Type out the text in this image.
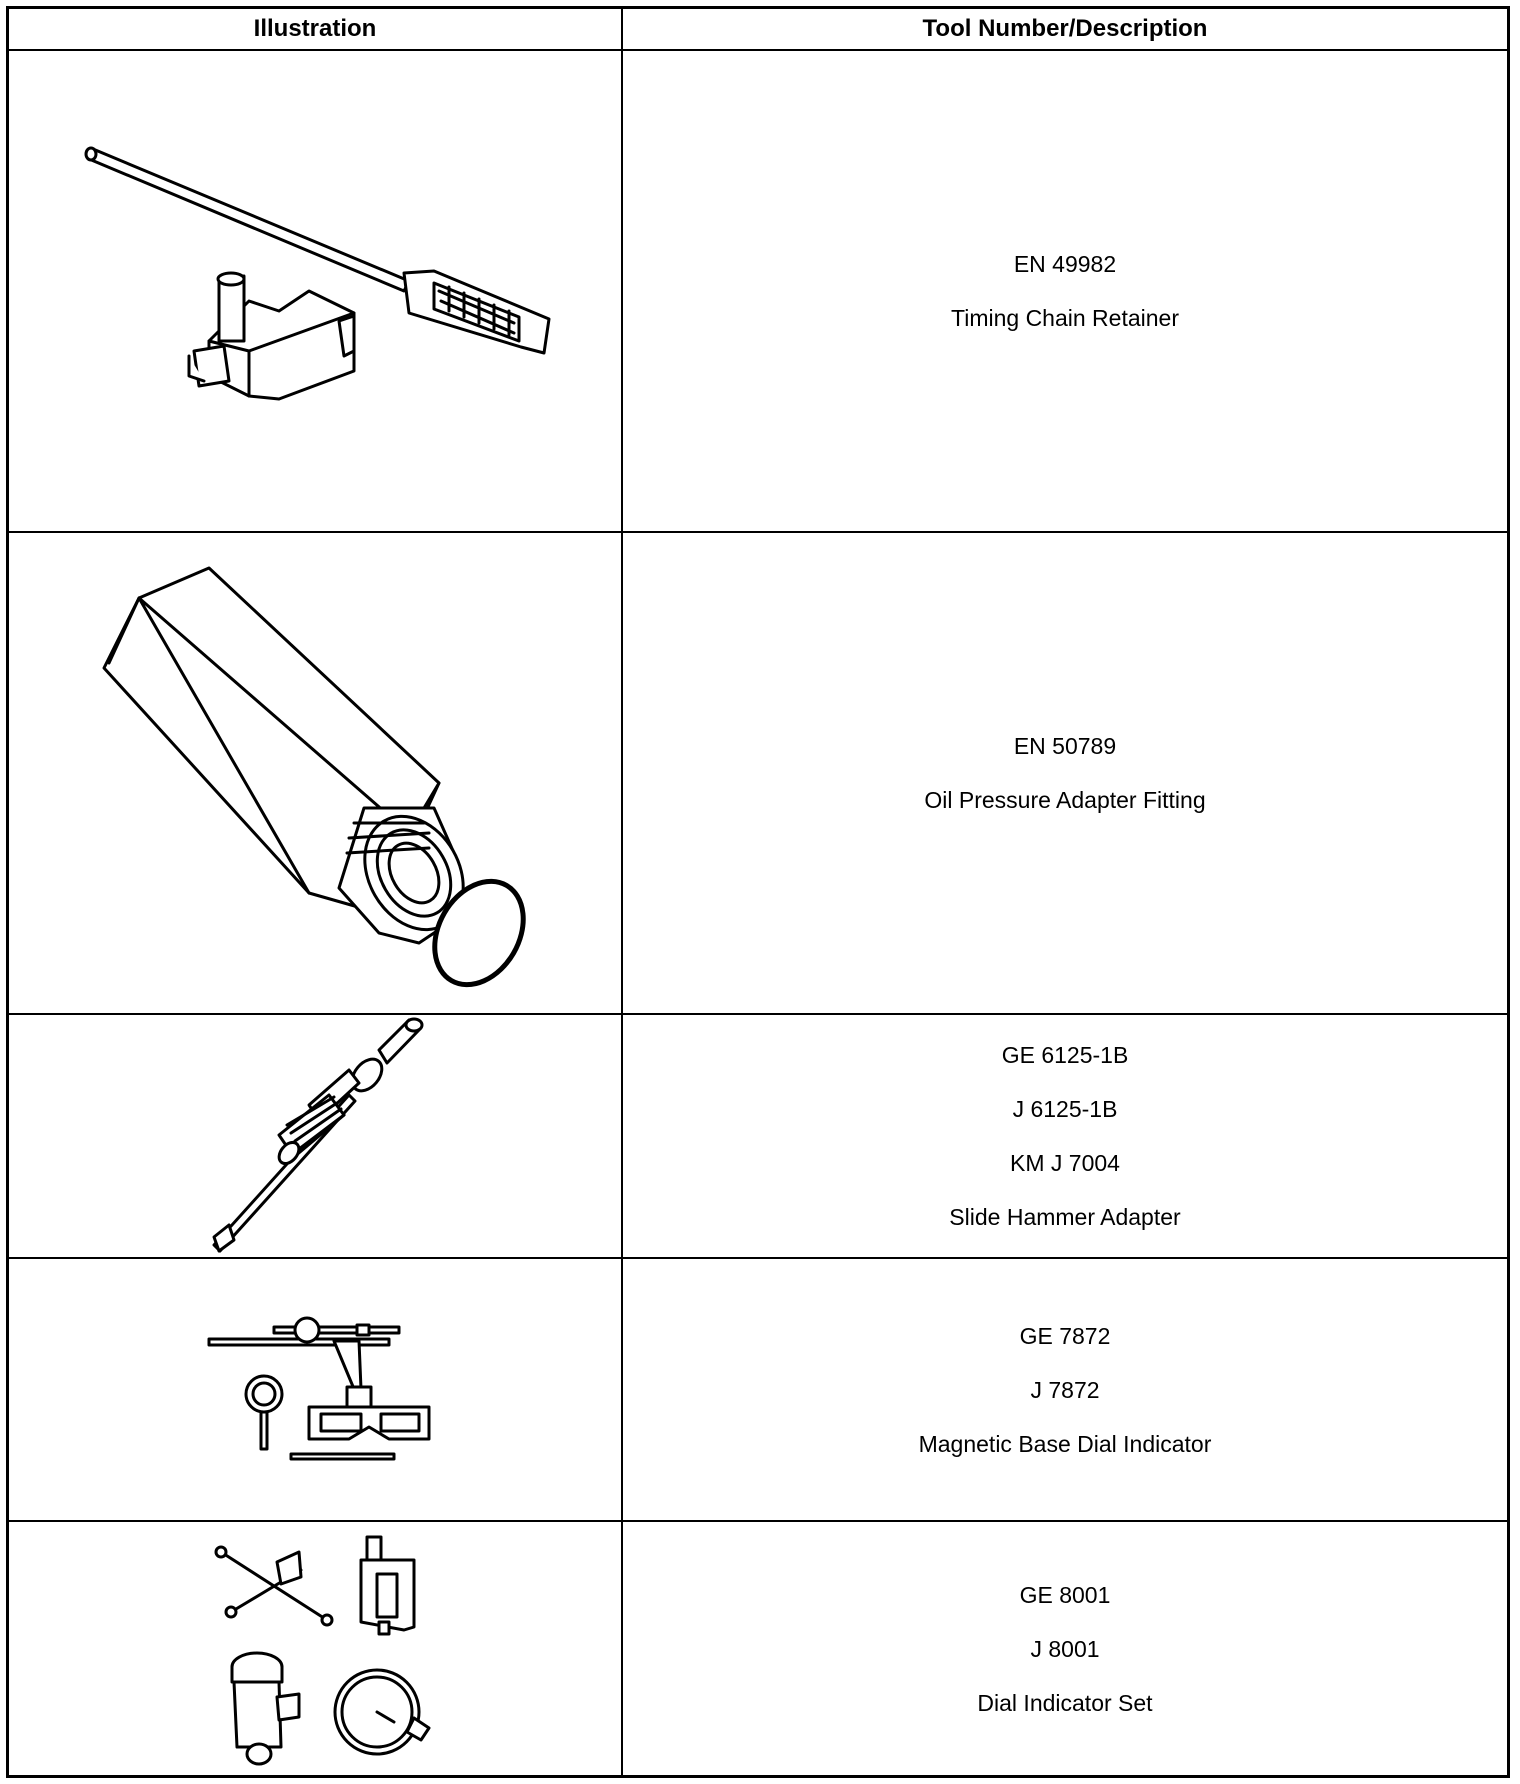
Illustration	Tool Number/Description
EN 49982
Timing Chain Retainer
EN 50789
Oil Pressure Adapter Fitting
GE 6125-1B
J 6125-1B
KM J 7004
Slide Hammer Adapter
GE 7872
J 7872
Magnetic Base Dial Indicator
GE 8001
J 8001
Dial Indicator Set
